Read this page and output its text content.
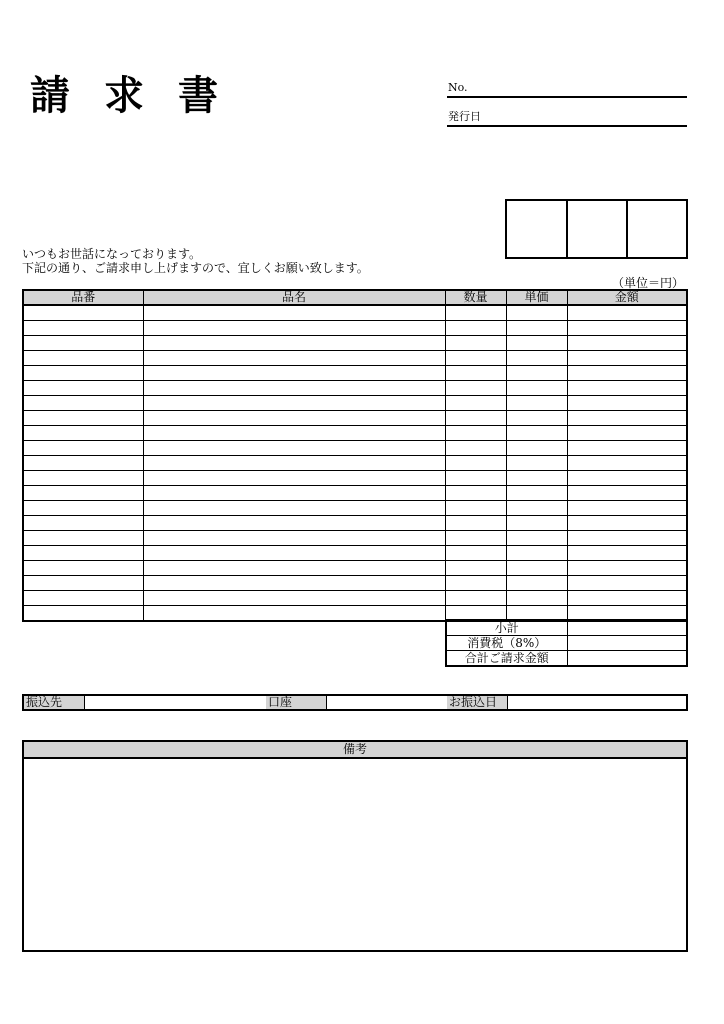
請求書	No.
発行日
いつもお世話になっております。
下記の通り、ご請求申し上げますので、宜しくお願い致します。
（単位＝円）
品番	品名	数量	単価	金額

小計	
消費税（8%）	
合計ご請求金額	
振込先	口座	お振込日
備考
